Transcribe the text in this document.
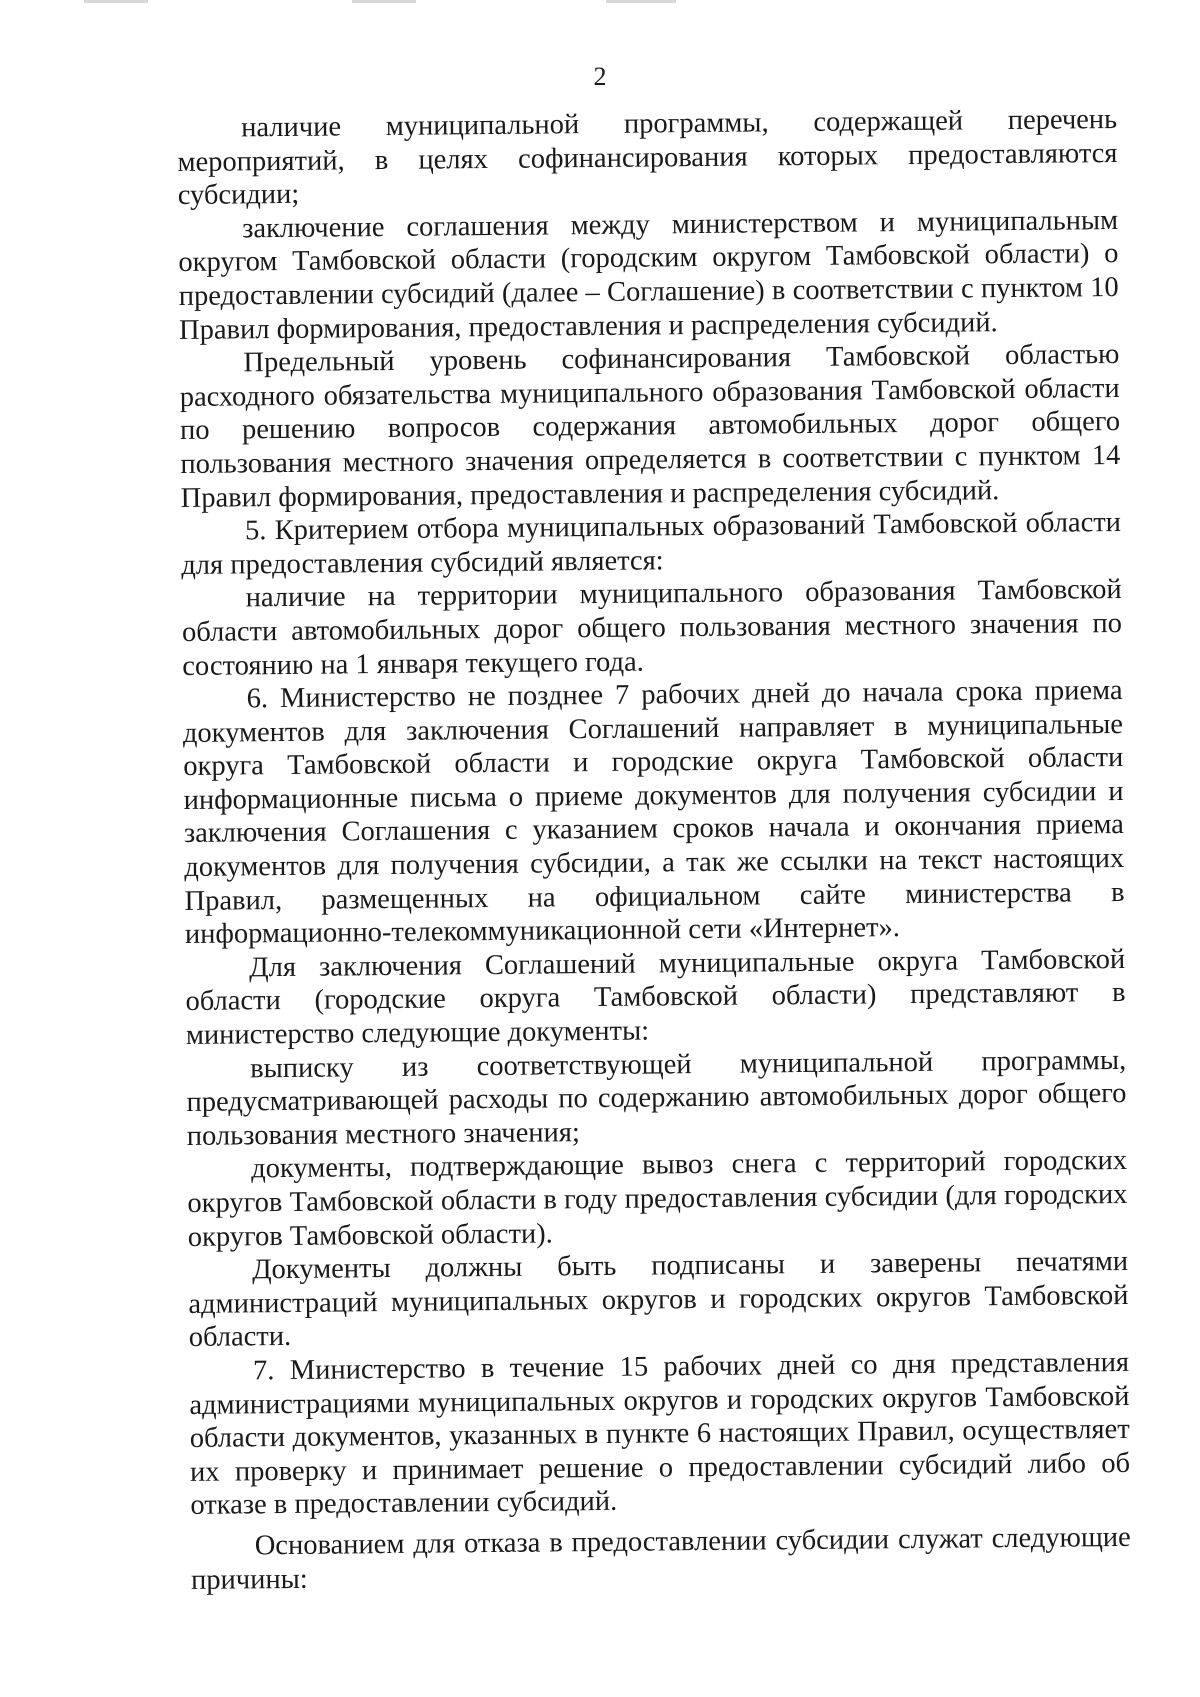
2

наличие муниципальной программы, содержащей перечень мероприятий, в целях софинансирования которых предоставляются субсидии;

заключение соглашения между министерством и муниципальным округом Тамбовской области (городским округом Тамбовской области) о предоставлении субсидий (далее – Соглашение) в соответствии с пунктом 10 Правил формирования, предоставления и распределения субсидий.

Предельный уровень софинансирования Тамбовской областью расходного обязательства муниципального образования Тамбовской области по решению вопросов содержания автомобильных дорог общего пользования местного значения определяется в соответствии с пунктом 14 Правил формирования, предоставления и распределения субсидий.

5. Критерием отбора муниципальных образований Тамбовской области для предоставления субсидий является:

наличие на территории муниципального образования Тамбовской области автомобильных дорог общего пользования местного значения по состоянию на 1 января текущего года.

6. Министерство не позднее 7 рабочих дней до начала срока приема документов для заключения Соглашений направляет в муниципальные округа Тамбовской области и городские округа Тамбовской области информационные письма о приеме документов для получения субсидии и заключения Соглашения с указанием сроков начала и окончания приема документов для получения субсидии, а так же ссылки на текст настоящих Правил, размещенных на официальном сайте министерства в информационно-телекоммуникационной сети «Интернет».

Для заключения Соглашений муниципальные округа Тамбовской области (городские округа Тамбовской области) представляют в министерство следующие документы:

выписку из соответствующей муниципальной программы, предусматривающей расходы по содержанию автомобильных дорог общего пользования местного значения;

документы, подтверждающие вывоз снега с территорий городских округов Тамбовской области в году предоставления субсидии (для городских округов Тамбовской области).

Документы должны быть подписаны и заверены печатями администраций муниципальных округов и городских округов Тамбовской области.

7. Министерство в течение 15 рабочих дней со дня представления администрациями муниципальных округов и городских округов Тамбовской области документов, указанных в пункте 6 настоящих Правил, осуществляет их проверку и принимает решение о предоставлении субсидий либо об отказе в предоставлении субсидий.

Основанием для отказа в предоставлении субсидии служат следующие причины:
